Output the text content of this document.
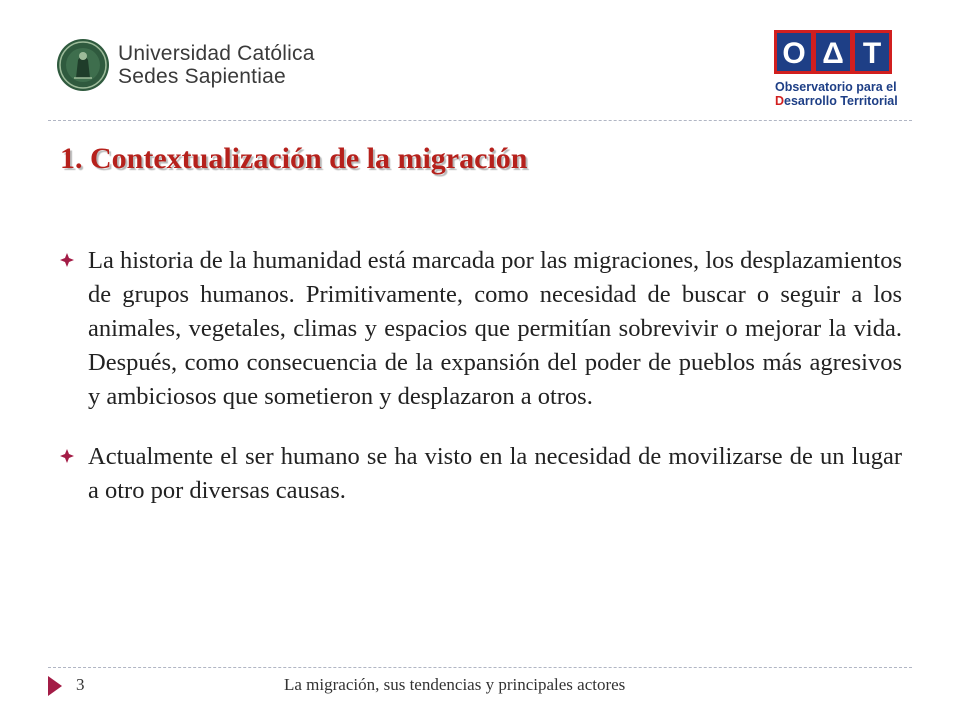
Universidad Católica
Sedes Sapientiae
O Δ T
Observatorio para el
Desarrollo Territorial
1. Contextualización de la migración
La historia de la humanidad está marcada por las migraciones, los desplazamientos de grupos humanos. Primitivamente, como necesidad de buscar o seguir a los animales, vegetales, climas y espacios que permitían sobrevivir o mejorar la vida. Después, como consecuencia de la expansión del poder de pueblos más agresivos y ambiciosos que sometieron y desplazaron a otros.
Actualmente el ser humano se ha visto en la necesidad de movilizarse de un lugar a otro por diversas causas.
3	La migración, sus tendencias y principales actores
